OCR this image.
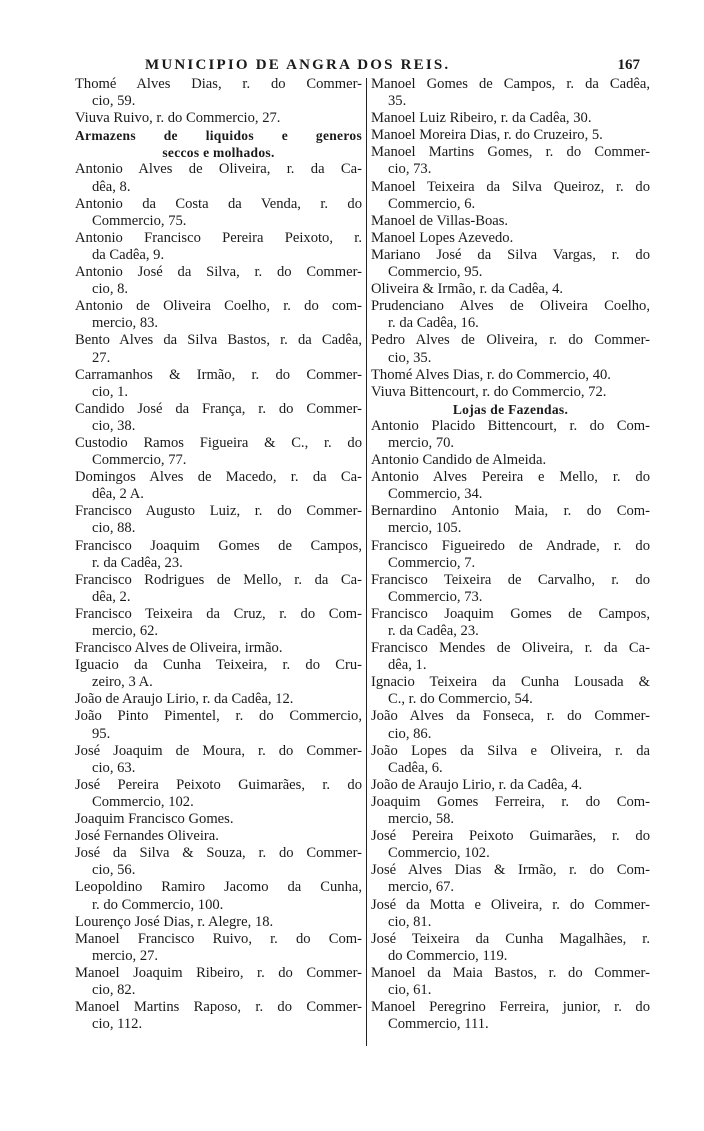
MUNICIPIO DE ANGRA DOS REIS.	167
Thomé Alves Dias, r. do Commer-
cio, 59.
Viuva Ruivo, r. do Commercio, 27.
Armazens de liquidos e generos
seccos e molhados.
Antonio Alves de Oliveira, r. da Ca-
dêa, 8.
Antonio da Costa da Venda, r. do
Commercio, 75.
Antonio Francisco Pereira Peixoto, r.
da Cadêa, 9.
Antonio José da Silva, r. do Commer-
cio, 8.
Antonio de Oliveira Coelho, r. do com-
mercio, 83.
Bento Alves da Silva Bastos, r. da Cadêa,
27.
Carramanhos & Irmão, r. do Commer-
cio, 1.
Candido José da França, r. do Commer-
cio, 38.
Custodio Ramos Figueira & C., r. do
Commercio, 77.
Domingos Alves de Macedo, r. da Ca-
dêa, 2 A.
Francisco Augusto Luiz, r. do Commer-
cio, 88.
Francisco Joaquim Gomes de Campos,
r. da Cadêa, 23.
Francisco Rodrigues de Mello, r. da Ca-
dêa, 2.
Francisco Teixeira da Cruz, r. do Com-
mercio, 62.
Francisco Alves de Oliveira, irmão.
Iguacio da Cunha Teixeira, r. do Cru-
zeiro, 3 A.
João de Araujo Lirio, r. da Cadêa, 12.
João Pinto Pimentel, r. do Commercio,
95.
José Joaquim de Moura, r. do Commer-
cio, 63.
José Pereira Peixoto Guimarães, r. do
Commercio, 102.
Joaquim Francisco Gomes.
José Fernandes Oliveira.
José da Silva & Souza, r. do Commer-
cio, 56.
Leopoldino Ramiro Jacomo da Cunha,
r. do Commercio, 100.
Lourenço José Dias, r. Alegre, 18.
Manoel Francisco Ruivo, r. do Com-
mercio, 27.
Manoel Joaquim Ribeiro, r. do Commer-
cio, 82.
Manoel Martins Raposo, r. do Commer-
cio, 112.
Manoel Gomes de Campos, r. da Cadêa,
35.
Manoel Luiz Ribeiro, r. da Cadêa, 30.
Manoel Moreira Dias, r. do Cruzeiro, 5.
Manoel Martins Gomes, r. do Commer-
cio, 73.
Manoel Teixeira da Silva Queiroz, r. do
Commercio, 6.
Manoel de Villas-Boas.
Manoel Lopes Azevedo.
Mariano José da Silva Vargas, r. do
Commercio, 95.
Oliveira & Irmão, r. da Cadêa, 4.
Prudenciano Alves de Oliveira Coelho,
r. da Cadêa, 16.
Pedro Alves de Oliveira, r. do Commer-
cio, 35.
Thomé Alves Dias, r. do Commercio, 40.
Viuva Bittencourt, r. do Commercio, 72.
Lojas de Fazendas.
Antonio Placido Bittencourt, r. do Com-
mercio, 70.
Antonio Candido de Almeida.
Antonio Alves Pereira e Mello, r. do
Commercio, 34.
Bernardino Antonio Maia, r. do Com-
mercio, 105.
Francisco Figueiredo de Andrade, r. do
Commercio, 7.
Francisco Teixeira de Carvalho, r. do
Commercio, 73.
Francisco Joaquim Gomes de Campos,
r. da Cadêa, 23.
Francisco Mendes de Oliveira, r. da Ca-
dêa, 1.
Ignacio Teixeira da Cunha Lousada &
C., r. do Commercio, 54.
João Alves da Fonseca, r. do Commer-
cio, 86.
João Lopes da Silva e Oliveira, r. da
Cadêa, 6.
João de Araujo Lirio, r. da Cadêa, 4.
Joaquim Gomes Ferreira, r. do Com-
mercio, 58.
José Pereira Peixoto Guimarães, r. do
Commercio, 102.
José Alves Dias & Irmão, r. do Com-
mercio, 67.
José da Motta e Oliveira, r. do Commer-
cio, 81.
José Teixeira da Cunha Magalhães, r.
do Commercio, 119.
Manoel da Maia Bastos, r. do Commer-
cio, 61.
Manoel Peregrino Ferreira, junior, r. do
Commercio, 111.
